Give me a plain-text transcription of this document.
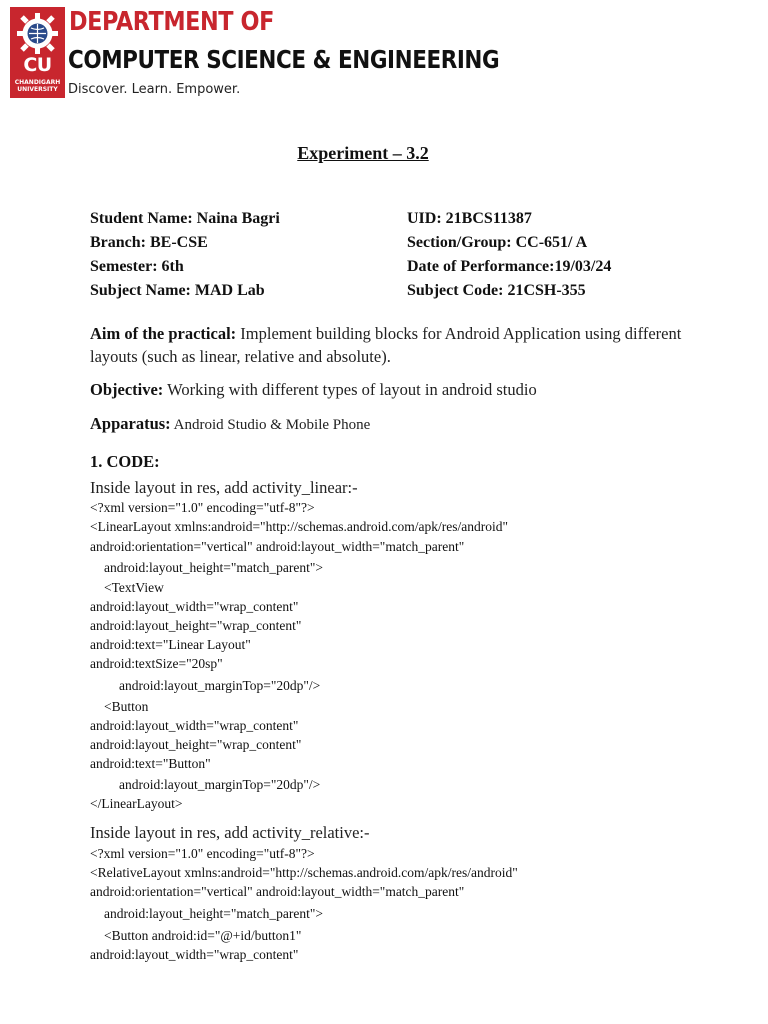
CU
CHANDIGARH UNIVERSITY
DEPARTMENT OF
COMPUTER SCIENCE & ENGINEERING
Discover. Learn. Empower.
Experiment – 3.2
Student Name: Naina Bagri	UID: 21BCS11387
Branch: BE-CSE	Section/Group: CC-651/ A
Semester: 6th	Date of Performance:19/03/24
Subject Name: MAD Lab	Subject Code: 21CSH-355
Aim of the practical: Implement building blocks for Android Application using different layouts (such as linear, relative and absolute).
Objective: Working with different types of layout in android studio
Apparatus: Android Studio & Mobile Phone
1. CODE:
Inside layout in res, add activity_linear:-
<?xml version="1.0" encoding="utf-8"?>
<LinearLayout xmlns:android="http://schemas.android.com/apk/res/android"
android:orientation="vertical" android:layout_width="match_parent"
android:layout_height="match_parent">
<TextView
android:layout_width="wrap_content"
android:layout_height="wrap_content"
android:text="Linear Layout"
android:textSize="20sp"
android:layout_marginTop="20dp"/>
<Button
android:layout_width="wrap_content"
android:layout_height="wrap_content"
android:text="Button"
android:layout_marginTop="20dp"/>
</LinearLayout>
Inside layout in res, add activity_relative:-
<?xml version="1.0" encoding="utf-8"?>
<RelativeLayout xmlns:android="http://schemas.android.com/apk/res/android"
android:orientation="vertical" android:layout_width="match_parent"
android:layout_height="match_parent">
<Button android:id="@+id/button1"
android:layout_width="wrap_content"
